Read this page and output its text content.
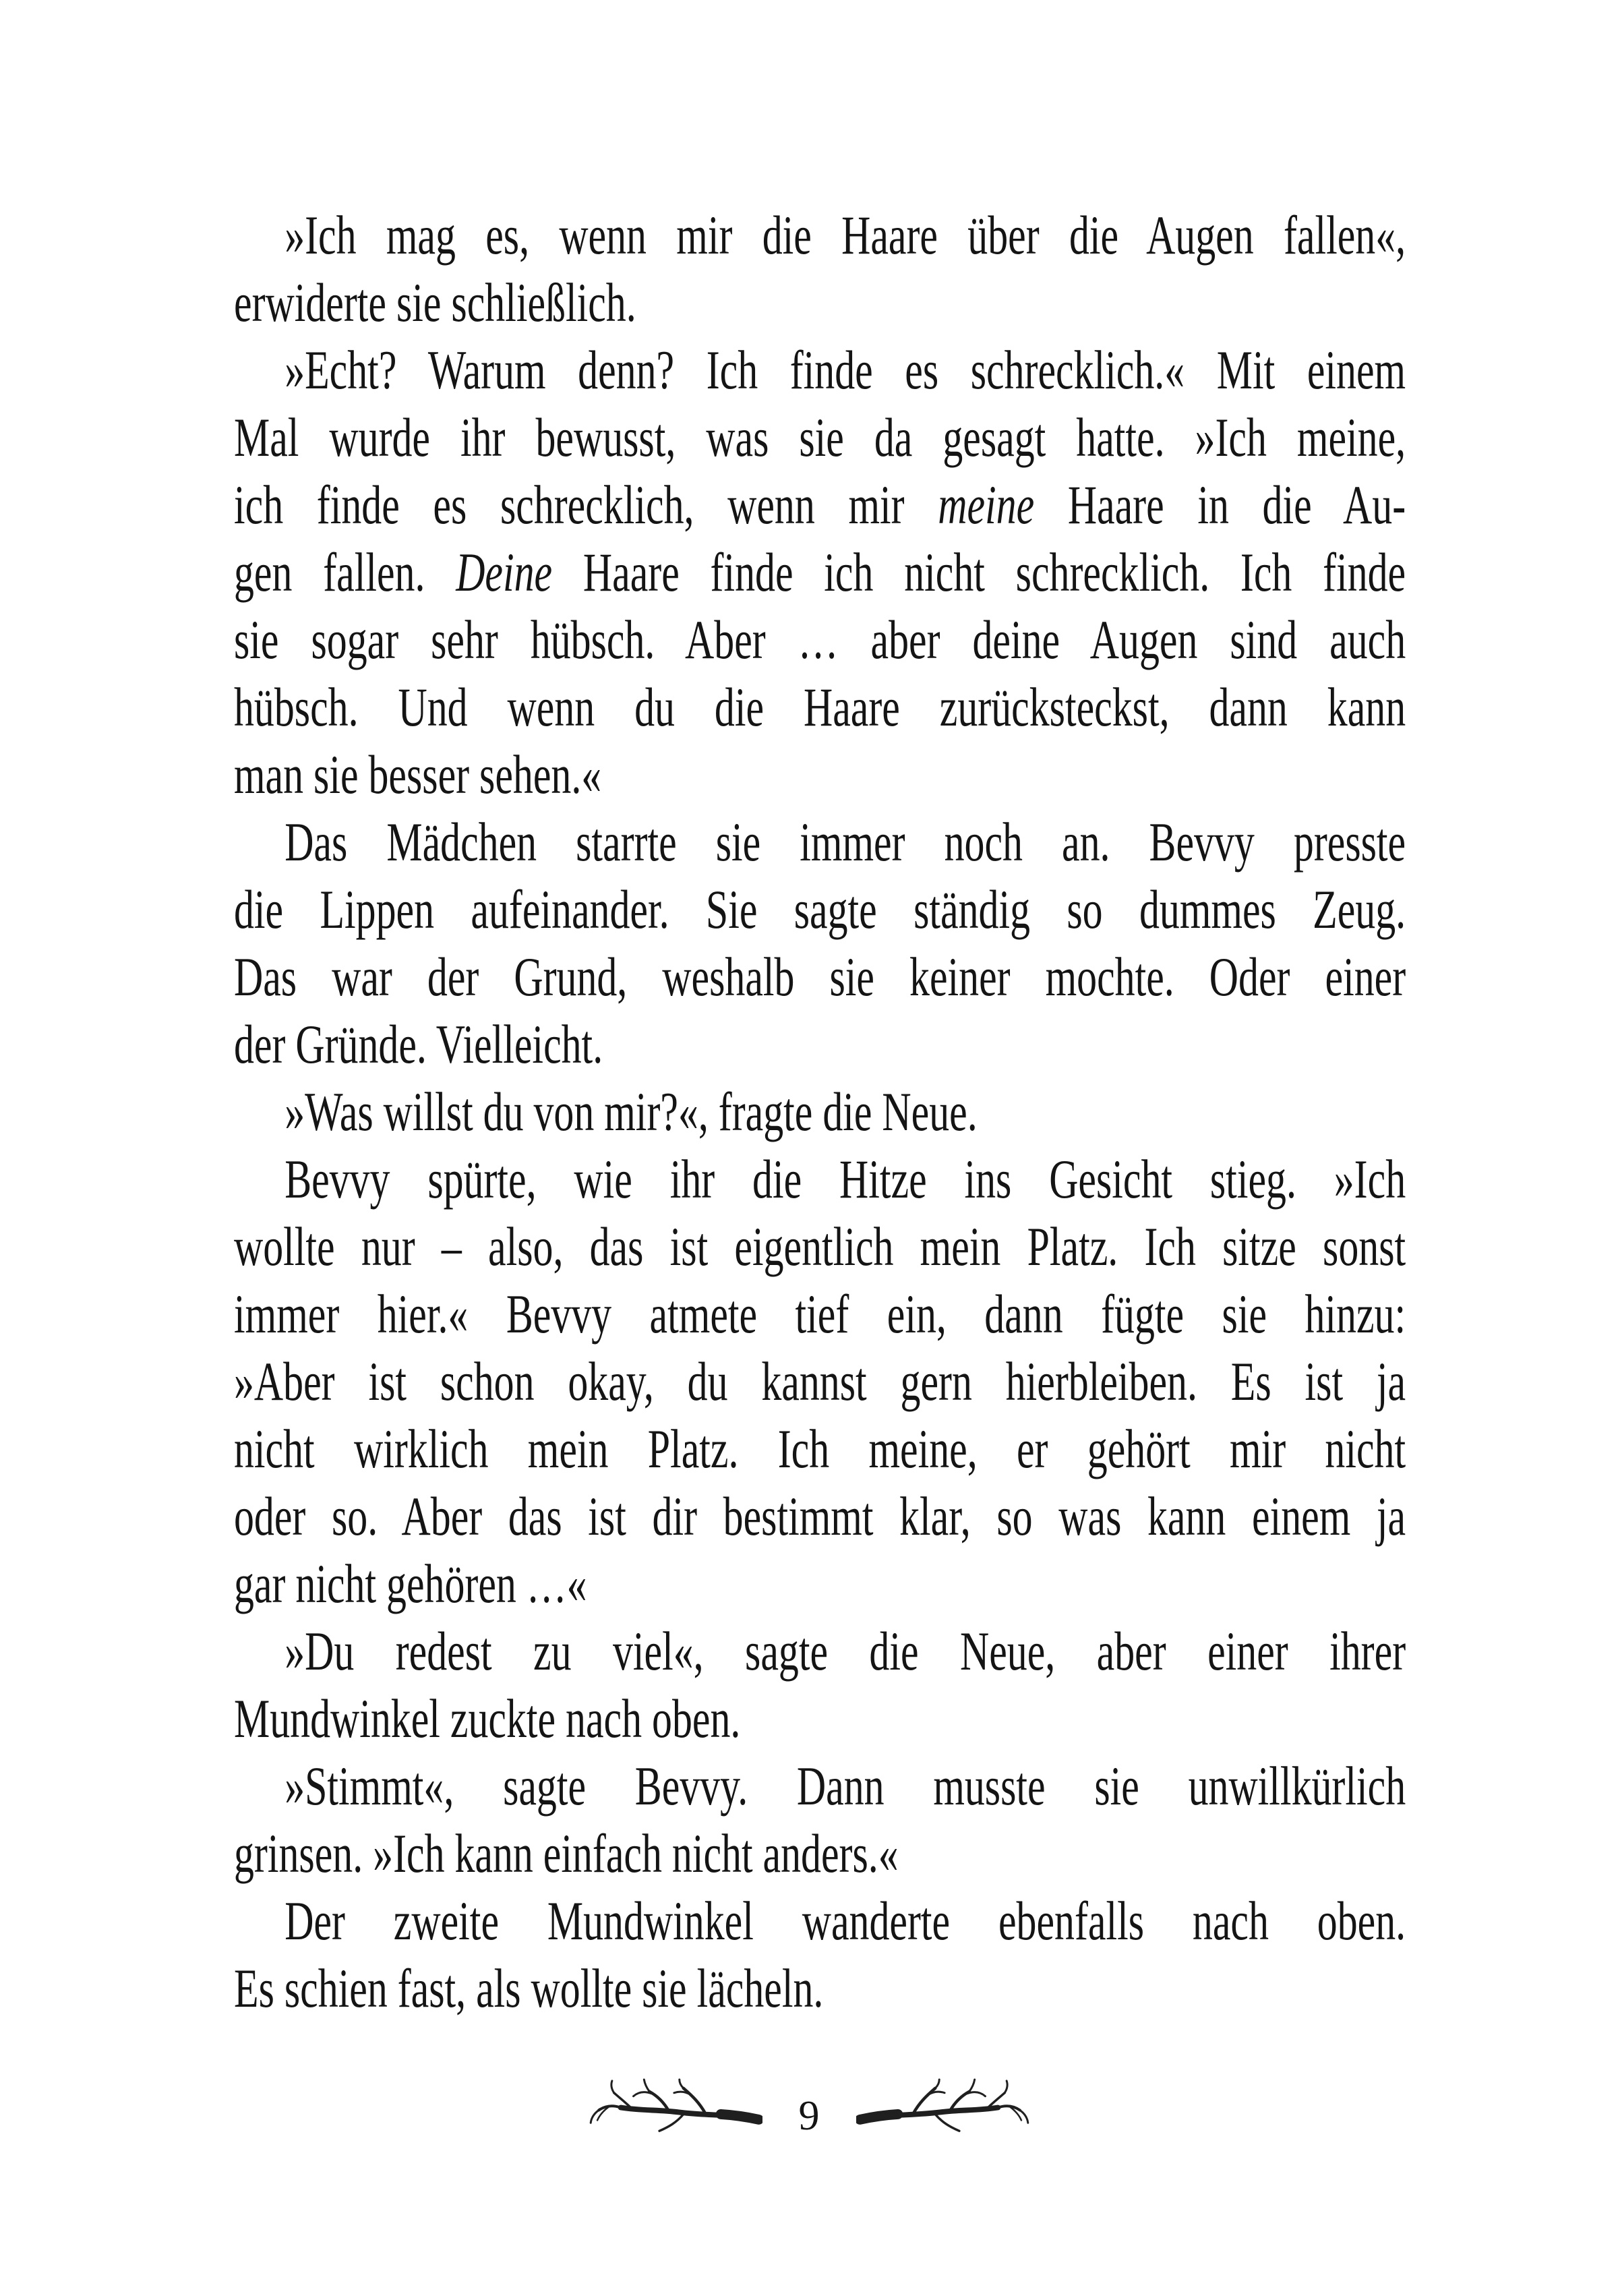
»Ich mag es, wenn mir die Haare über die Augen fallen«,
erwiderte sie schließlich.
»Echt? Warum denn? Ich finde es schrecklich.« Mit einem
Mal wurde ihr bewusst, was sie da gesagt hatte. »Ich meine,
ich finde es schrecklich, wenn mir meine Haare in die Au-
gen fallen. Deine Haare finde ich nicht schrecklich. Ich finde
sie sogar sehr hübsch. Aber … aber deine Augen sind auch
hübsch. Und wenn du die Haare zurücksteckst, dann kann
man sie besser sehen.«
Das Mädchen starrte sie immer noch an. Bevvy presste
die Lippen aufeinander. Sie sagte ständig so dummes Zeug.
Das war der Grund, weshalb sie keiner mochte. Oder einer
der Gründe. Vielleicht.
»Was willst du von mir?«, fragte die Neue.
Bevvy spürte, wie ihr die Hitze ins Gesicht stieg. »Ich
wollte nur – also, das ist eigentlich mein Platz. Ich sitze sonst
immer hier.« Bevvy atmete tief ein, dann fügte sie hinzu:
»Aber ist schon okay, du kannst gern hierbleiben. Es ist ja
nicht wirklich mein Platz. Ich meine, er gehört mir nicht
oder so. Aber das ist dir bestimmt klar, so was kann einem ja
gar nicht gehören …«
»Du redest zu viel«, sagte die Neue, aber einer ihrer
Mundwinkel zuckte nach oben.
»Stimmt«, sagte Bevvy. Dann musste sie unwillkürlich
grinsen. »Ich kann einfach nicht anders.«
Der zweite Mundwinkel wanderte ebenfalls nach oben.
Es schien fast, als wollte sie lächeln.
9
